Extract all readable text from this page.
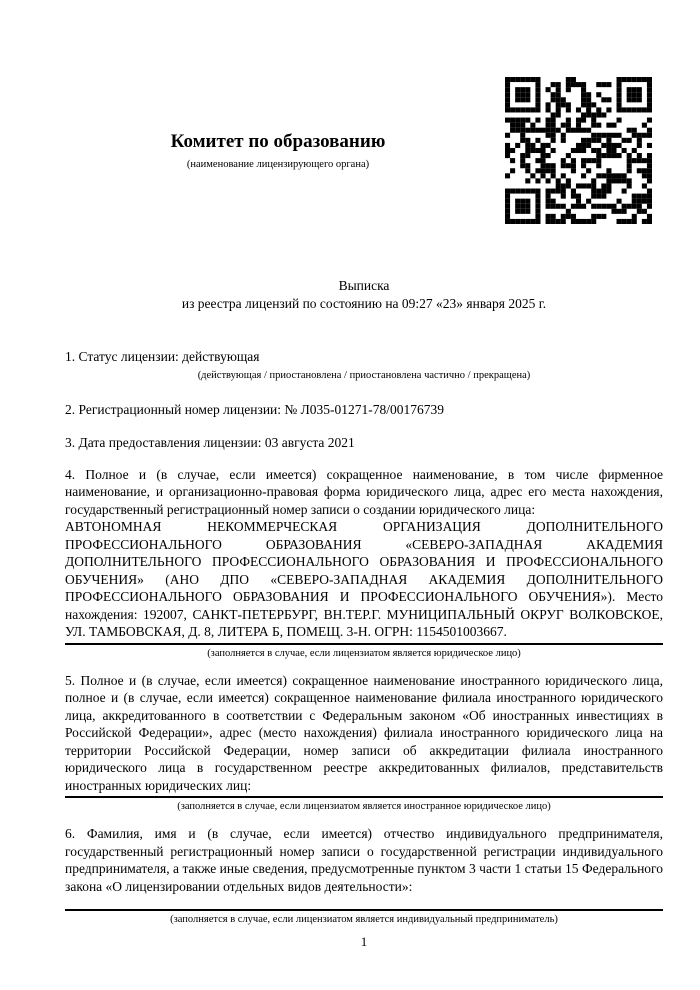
Комитет по образованию
(наименование лицензирующего органа)
Выписка
из реестра лицензий по состоянию на 09:27 «23» января 2025 г.

1. Статус лицензии: действующая

(действующая / приостановлена / приостановлена частично / прекращена)

2. Регистрационный номер лицензии: № Л035-01271-78/00176739

3. Дата предоставления лицензии: 03 августа 2021

4. Полное и (в случае, если имеется) сокращенное наименование, в том числе фирменное наименование, и организационно-правовая форма юридического лица, адрес его места нахождения, государственный регистрационный номер записи о создании юридического лица:

АВТОНОМНАЯ НЕКОММЕРЧЕСКАЯ ОРГАНИЗАЦИЯ ДОПОЛНИТЕЛЬНОГО ПРОФЕССИОНАЛЬНОГО ОБРАЗОВАНИЯ «СЕВЕРО-ЗАПАДНАЯ АКАДЕМИЯ ДОПОЛНИТЕЛЬНОГО ПРОФЕССИОНАЛЬНОГО ОБРАЗОВАНИЯ И ПРОФЕССИОНАЛЬНОГО ОБУЧЕНИЯ» (АНО ДПО «СЕВЕРО-ЗАПАДНАЯ АКАДЕМИЯ ДОПОЛНИТЕЛЬНОГО ПРОФЕССИОНАЛЬНОГО ОБРАЗОВАНИЯ И ПРОФЕССИОНАЛЬНОГО ОБУЧЕНИЯ»). Место нахождения: 192007, САНКТ-ПЕТЕРБУРГ, ВН.ТЕР.Г. МУНИЦИПАЛЬНЫЙ ОКРУГ ВОЛКОВСКОЕ, УЛ. ТАМБОВСКАЯ, Д. 8, ЛИТЕРА Б, ПОМЕЩ. 3-Н. ОГРН: 1154501003667.

(заполняется в случае, если лицензиатом является юридическое лицо)

5. Полное и (в случае, если имеется) сокращенное наименование иностранного юридического лица, полное и (в случае, если имеется) сокращенное наименование филиала иностранного юридического лица, аккредитованного в соответствии с Федеральным законом «Об иностранных инвестициях в Российской Федерации», адрес (место нахождения) филиала иностранного юридического лица на территории Российской Федерации, номер записи об аккредитации филиала иностранного юридического лица в государственном реестре аккредитованных филиалов, представительств иностранных юридических лиц:

(заполняется в случае, если лицензиатом является иностранное юридическое лицо)

6. Фамилия, имя и (в случае, если имеется) отчество индивидуального предпринимателя, государственный регистрационный номер записи о государственной регистрации индивидуального предпринимателя, а также иные сведения, предусмотренные пунктом 3 части 1 статьи 15 Федерального закона «О лицензировании отдельных видов деятельности»:

(заполняется в случае, если лицензиатом является индивидуальный предприниматель)
1
